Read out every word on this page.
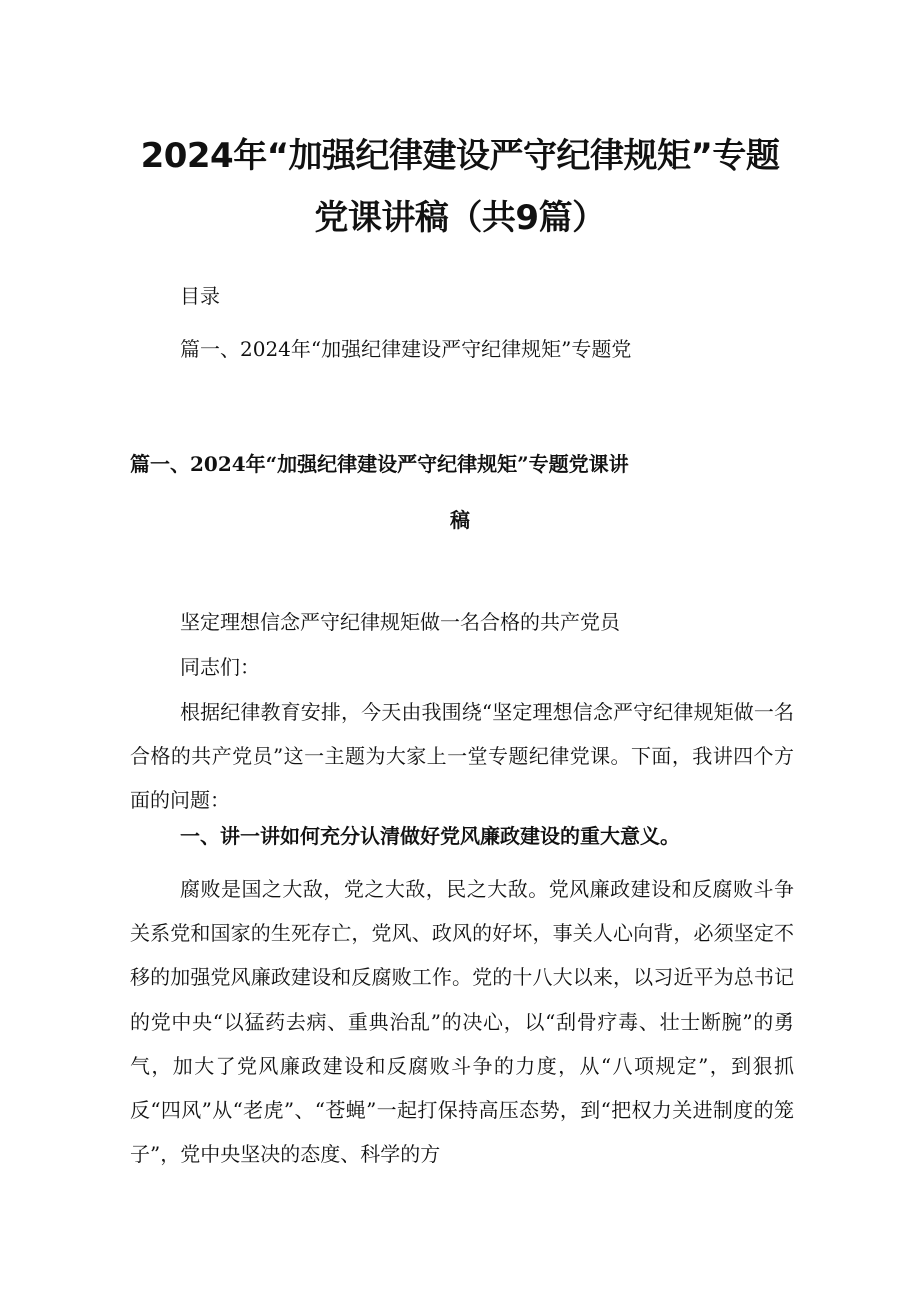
2024年“加强纪律建设严守纪律规矩”专题
党课讲稿（共9篇）
目录
篇一、2024年“加强纪律建设严守纪律规矩”专题党
篇一、2024年“加强纪律建设严守纪律规矩”专题党课讲
稿
坚定理想信念严守纪律规矩做一名合格的共产党员
同志们：
根据纪律教育安排，今天由我围绕“坚定理想信念严守纪律规矩做一名合格的共产党员”这一主题为大家上一堂专题纪律党课。下面，我讲四个方面的问题：
一、讲一讲如何充分认清做好党风廉政建设的重大意义。
腐败是国之大敌，党之大敌，民之大敌。党风廉政建设和反腐败斗争关系党和国家的生死存亡，党风、政风的好坏，事关人心向背，必须坚定不移的加强党风廉政建设和反腐败工作。党的十八大以来，以习近平为总书记的党中央“以猛药去病、重典治乱”的决心，以“刮骨疗毒、壮士断腕”的勇气，加大了党风廉政建设和反腐败斗争的力度，从“八项规定”，到狠抓反“四风”从“老虎”、“苍蝇”一起打保持高压态势，到“把权力关进制度的笼子”，党中央坚决的态度、科学的方
